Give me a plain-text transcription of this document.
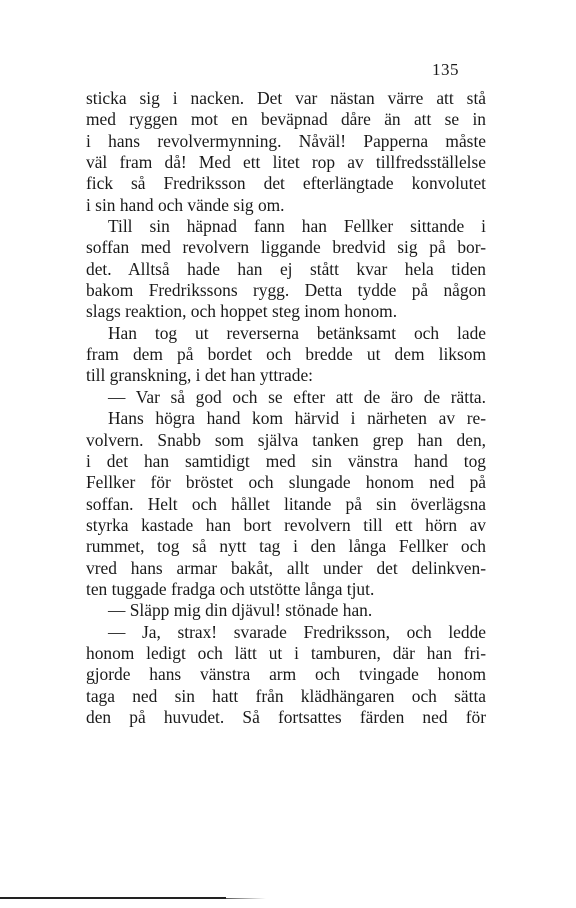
135
sticka sig i nacken. Det var nästan värre att stå
med ryggen mot en beväpnad dåre än att se in
i hans revolvermynning. Nåväl! Papperna måste
väl fram då! Med ett litet rop av tillfredsställelse
fick så Fredriksson det efterlängtade konvolutet
i sin hand och vände sig om.
Till sin häpnad fann han Fellker sittande i
soffan med revolvern liggande bredvid sig på bor-
det. Alltså hade han ej stått kvar hela tiden
bakom Fredrikssons rygg. Detta tydde på någon
slags reaktion, och hoppet steg inom honom.
Han tog ut reverserna betänksamt och lade
fram dem på bordet och bredde ut dem liksom
till granskning, i det han yttrade:
— Var så god och se efter att de äro de rätta.
Hans högra hand kom härvid i närheten av re-
volvern. Snabb som själva tanken grep han den,
i det han samtidigt med sin vänstra hand tog
Fellker för bröstet och slungade honom ned på
soffan. Helt och hållet litande på sin överlägsna
styrka kastade han bort revolvern till ett hörn av
rummet, tog så nytt tag i den långa Fellker och
vred hans armar bakåt, allt under det delinkven-
ten tuggade fradga och utstötte långa tjut.
— Släpp mig din djävul! stönade han.
— Ja, strax! svarade Fredriksson, och ledde
honom ledigt och lätt ut i tamburen, där han fri-
gjorde hans vänstra arm och tvingade honom
taga ned sin hatt från klädhängaren och sätta
den på huvudet. Så fortsattes färden ned för
